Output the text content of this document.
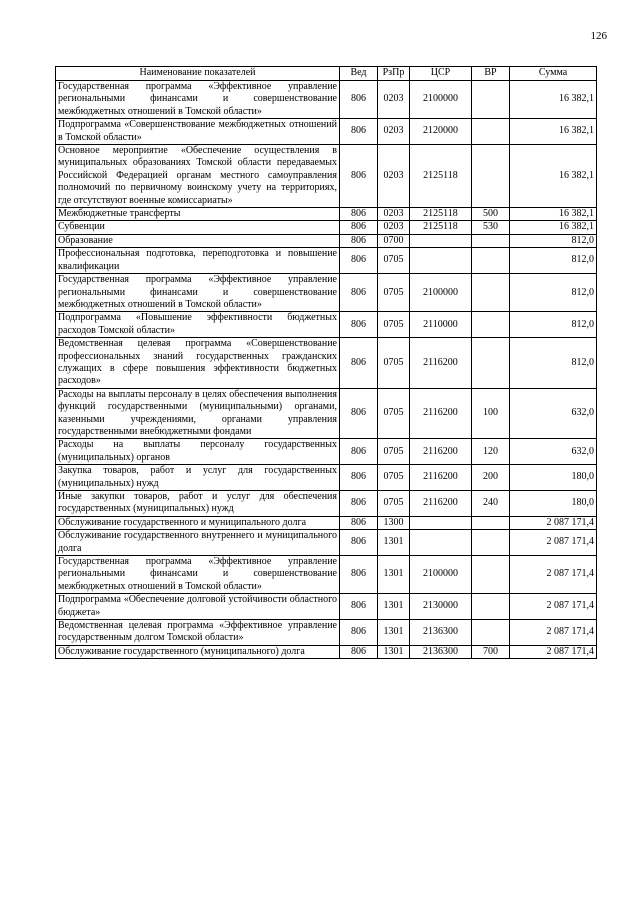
126
Наименование показателей	Вед	РзПр	ЦСР	ВР	Сумма
Государственная программа «Эффективное управление региональными финансами и совершенствование межбюджетных отношений в Томской области»	806	0203	2100000		16 382,1
Подпрограмма «Совершенствование межбюджетных отношений в Томской области»	806	0203	2120000		16 382,1
Основное мероприятие «Обеспечение осуществления в муниципальных образованиях Томской области передаваемых Российской Федерацией органам местного самоуправления полномочий по первичному воинскому учету на территориях, где отсутствуют военные комиссариаты»	806	0203	2125118		16 382,1
Межбюджетные трансферты	806	0203	2125118	500	16 382,1
Субвенции	806	0203	2125118	530	16 382,1
Образование	806	0700			812,0
Профессиональная подготовка, переподготовка и повышение квалификации	806	0705			812,0
Государственная программа «Эффективное управление региональными финансами и совершенствование межбюджетных отношений в Томской области»	806	0705	2100000		812,0
Подпрограмма «Повышение эффективности бюджетных расходов Томской области»	806	0705	2110000		812,0
Ведомственная целевая программа «Совершенствование профессиональных знаний государственных гражданских служащих в сфере повышения эффективности бюджетных расходов»	806	0705	2116200		812,0
Расходы на выплаты персоналу в целях обеспечения выполнения функций государственными (муниципальными) органами, казенными учреждениями, органами управления государственными внебюджетными фондами	806	0705	2116200	100	632,0
Расходы на выплаты персоналу государственных (муниципальных) органов	806	0705	2116200	120	632,0
Закупка товаров, работ и услуг для государственных (муниципальных) нужд	806	0705	2116200	200	180,0
Иные закупки товаров, работ и услуг для обеспечения государственных (муниципальных) нужд	806	0705	2116200	240	180,0
Обслуживание государственного и муниципального долга	806	1300			2 087 171,4
Обслуживание государственного внутреннего и муниципального долга	806	1301			2 087 171,4
Государственная программа «Эффективное управление региональными финансами и совершенствование межбюджетных отношений в Томской области»	806	1301	2100000		2 087 171,4
Подпрограмма «Обеспечение долговой устойчивости областного бюджета»	806	1301	2130000		2 087 171,4
Ведомственная целевая программа «Эффективное управление государственным долгом Томской области»	806	1301	2136300		2 087 171,4
Обслуживание государственного (муниципального) долга	806	1301	2136300	700	2 087 171,4
